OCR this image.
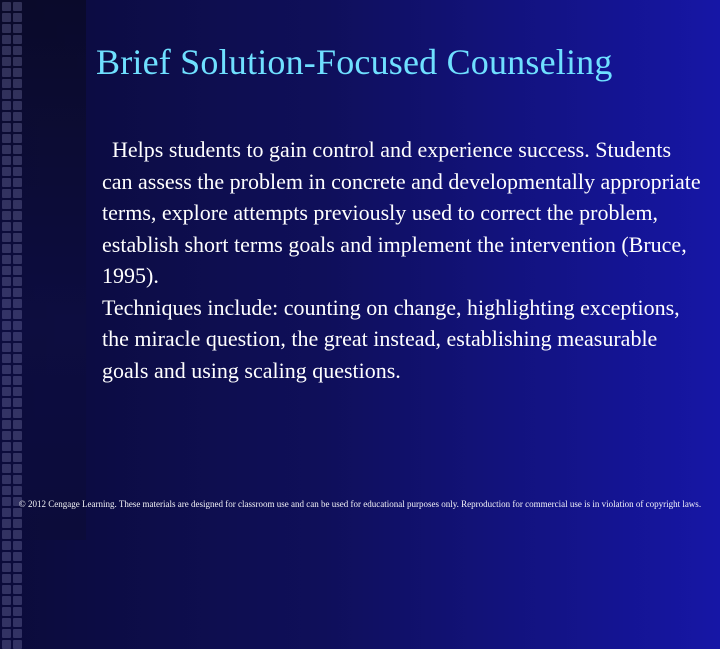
Brief Solution-Focused Counseling

Helps students to gain control and experience success. Students can assess the problem in concrete and developmentally appropriate terms, explore attempts previously used to correct the problem, establish short terms goals and implement the intervention (Bruce, 1995).

Techniques include: counting on change, highlighting exceptions, the miracle question, the great instead, establishing measurable goals and using scaling questions.

© 2012 Cengage Learning. These materials are designed for classroom use and can be used for educational purposes only. Reproduction for commercial use is in violation of copyright laws.
